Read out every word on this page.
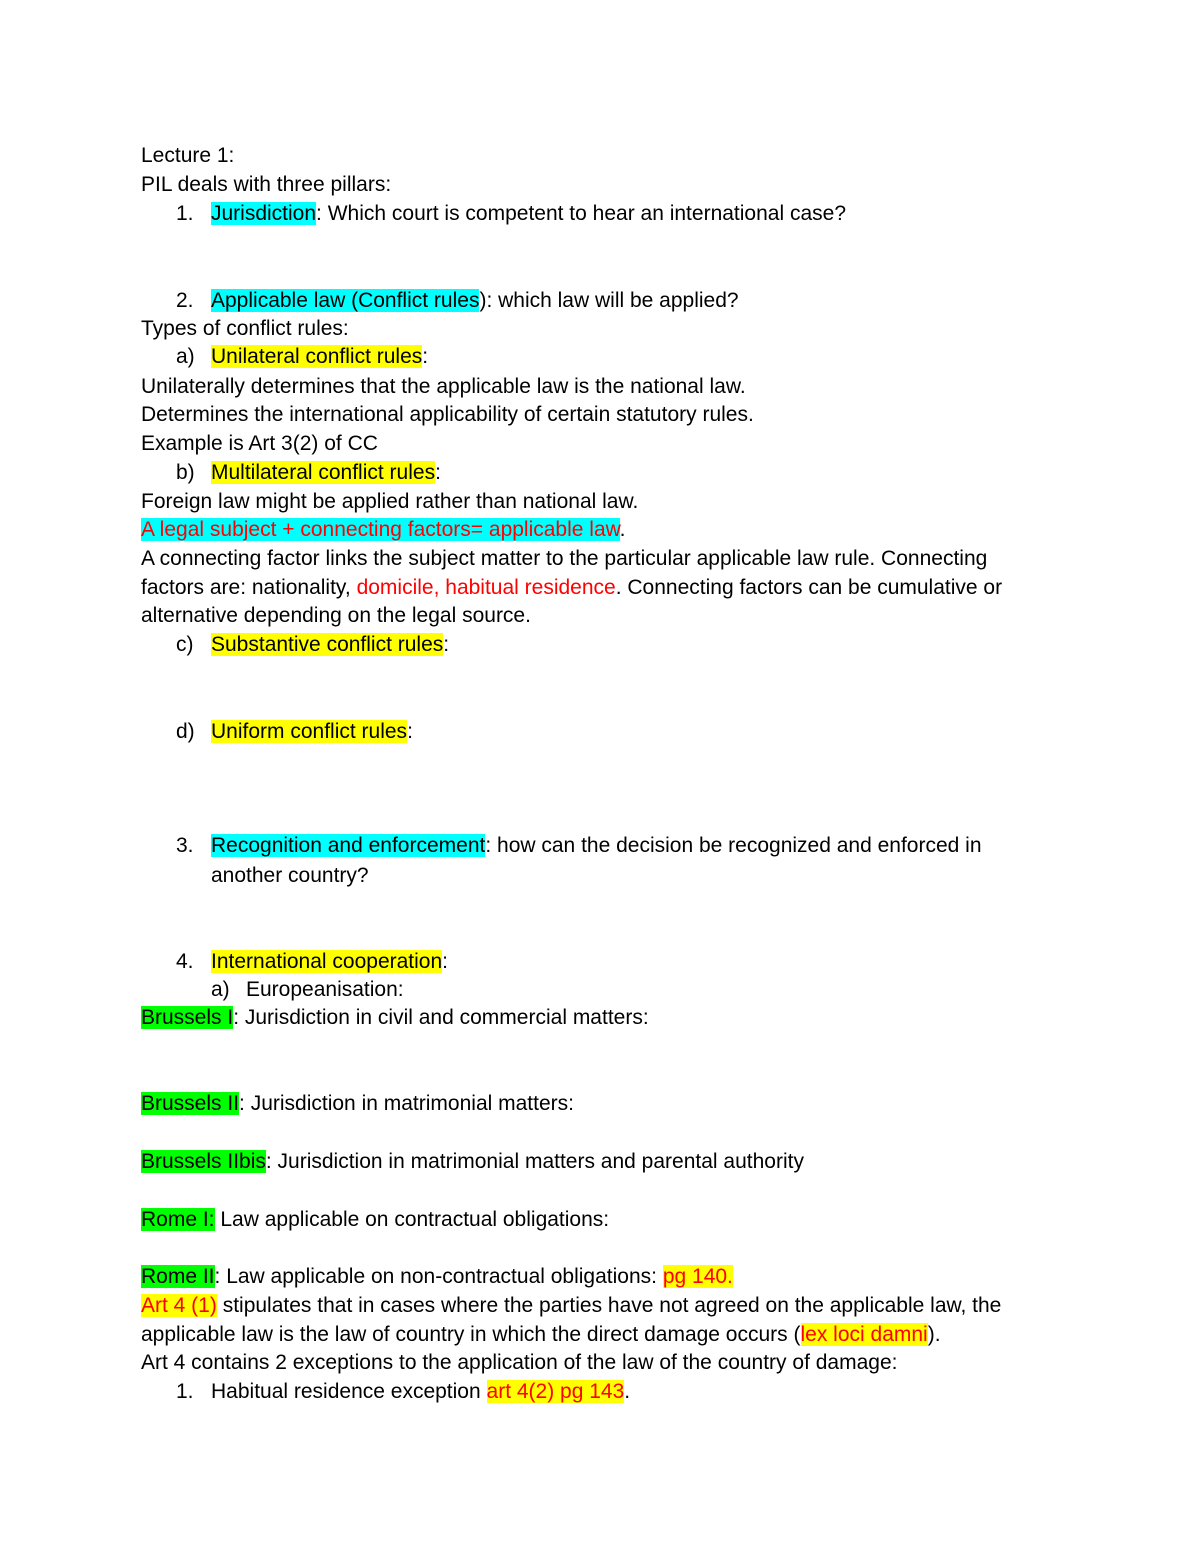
Lecture 1:
PIL deals with three pillars:
1. Jurisdiction: Which court is competent to hear an international case?
2. Applicable law (Conflict rules): which law will be applied?
Types of conflict rules:
a) Unilateral conflict rules:
Unilaterally determines that the applicable law is the national law.
Determines the international applicability of certain statutory rules.
Example is Art 3(2) of CC
b) Multilateral conflict rules:
Foreign law might be applied rather than national law.
A legal subject + connecting factors= applicable law.
A connecting factor links the subject matter to the particular applicable law rule. Connecting
factors are: nationality, domicile, habitual residence. Connecting factors can be cumulative or
alternative depending on the legal source.
c) Substantive conflict rules:
d) Uniform conflict rules:
3. Recognition and enforcement: how can the decision be recognized and enforced in
another country?
4. International cooperation:
a) Europeanisation:
Brussels I: Jurisdiction in civil and commercial matters:
Brussels II: Jurisdiction in matrimonial matters:
Brussels IIbis: Jurisdiction in matrimonial matters and parental authority
Rome I: Law applicable on contractual obligations:
Rome II: Law applicable on non-contractual obligations: pg 140.
Art 4 (1) stipulates that in cases where the parties have not agreed on the applicable law, the
applicable law is the law of country in which the direct damage occurs (lex loci damni).
Art 4 contains 2 exceptions to the application of the law of the country of damage:
1. Habitual residence exception art 4(2) pg 143.
